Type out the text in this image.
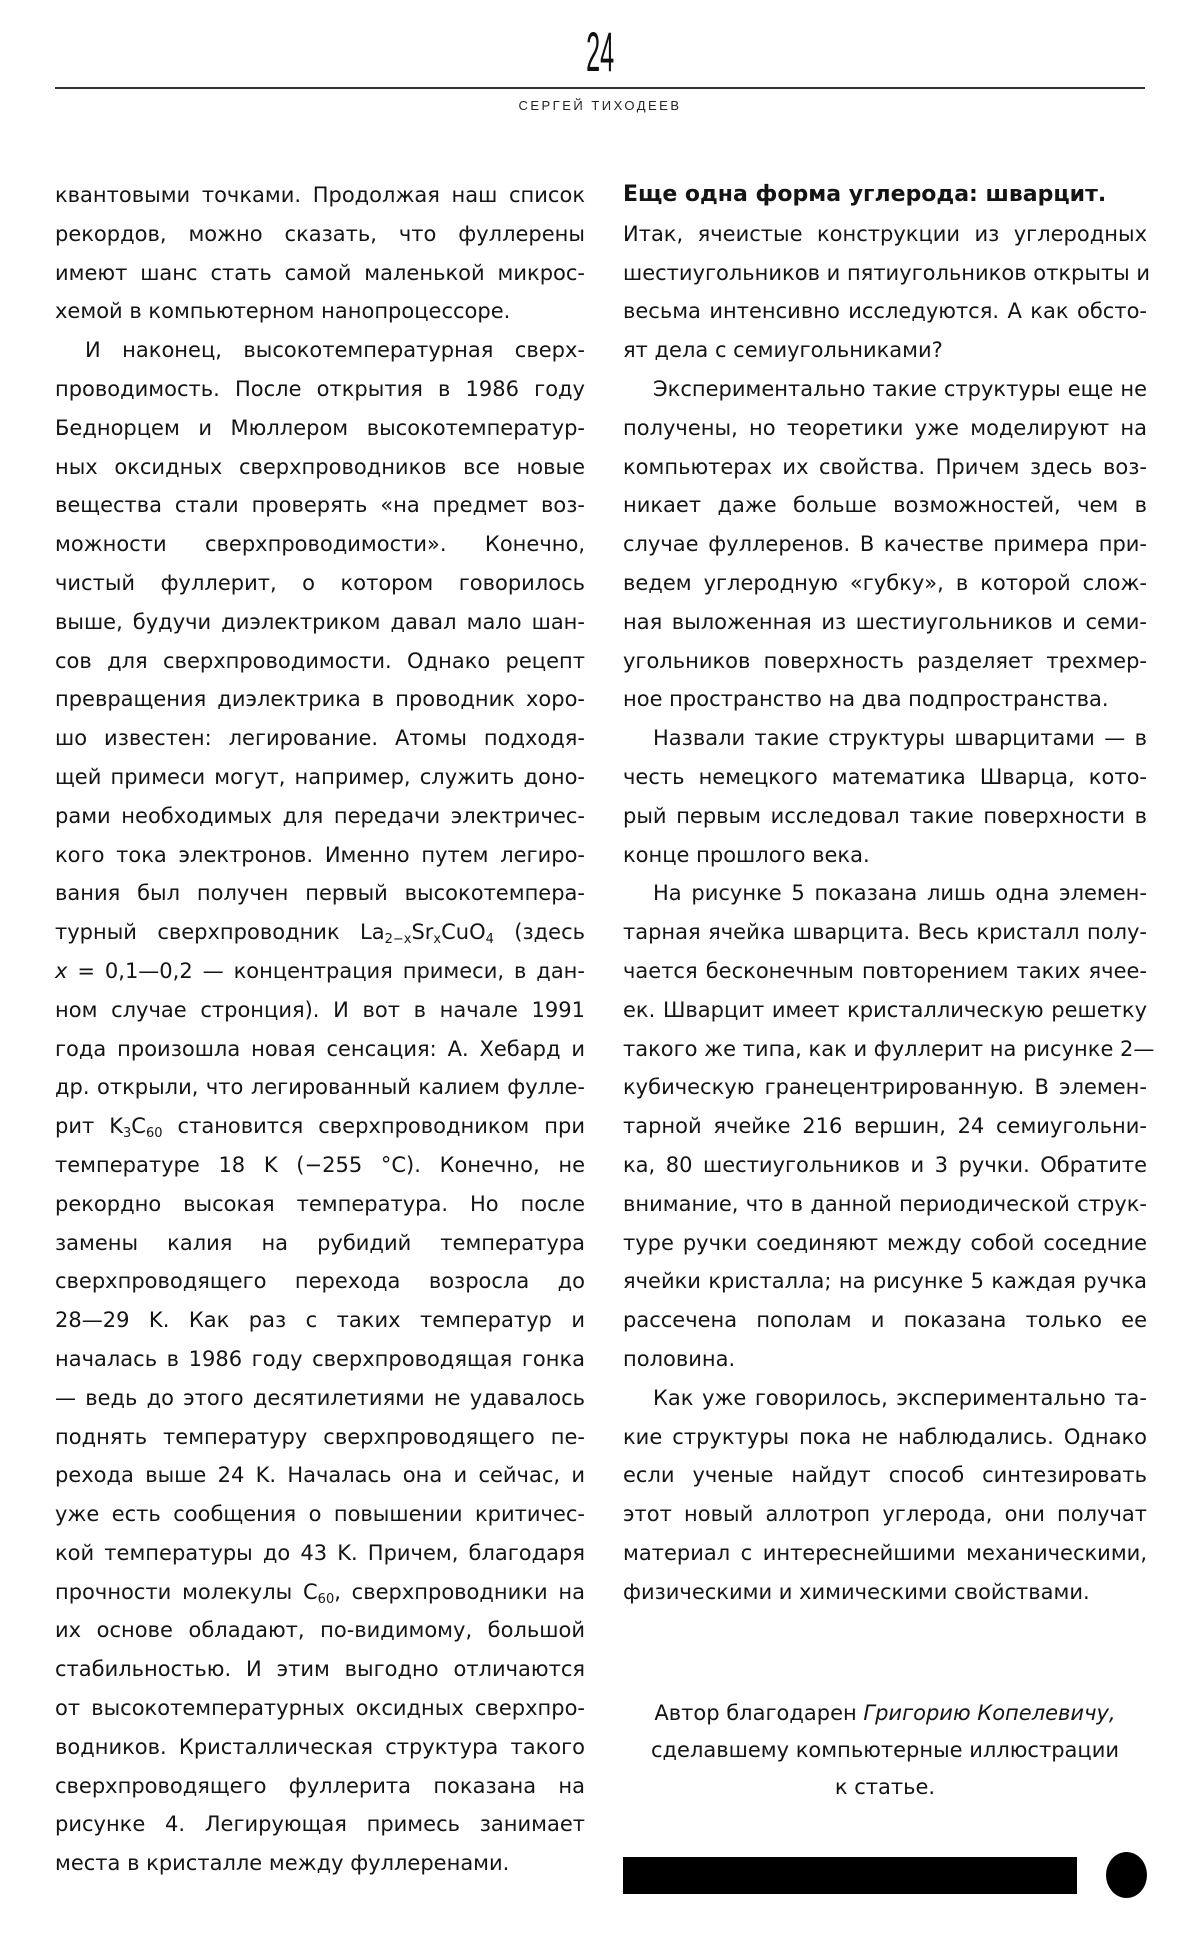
24
СЕРГЕЙ ТИХОДЕЕВ
квантовыми точками. Продолжая наш список
рекордов, можно сказать, что фуллерены
имеют шанс стать самой маленькой микрос-
хемой в компьютерном нанопроцессоре.
И наконец, высокотемпературная сверх-
проводимость. После открытия в 1986 году
Беднорцем и Мюллером высокотемператур-
ных оксидных сверхпроводников все новые
вещества стали проверять «на предмет воз-
можности сверхпроводимости». Конечно,
чистый фуллерит, о котором говорилось
выше, будучи диэлектриком давал мало шан-
сов для сверхпроводимости. Однако рецепт
превращения диэлектрика в проводник хоро-
шо известен: легирование. Атомы подходя-
щей примеси могут, например, служить доно-
рами необходимых для передачи электричес-
кого тока электронов. Именно путем легиро-
вания был получен первый высокотемпера-
турный сверхпроводник $La_{2-x}Sr_xCuO_4$ (здесь
x = 0,1—0,2 — концентрация примеси, в дан-
ном случае стронция). И вот в начале 1991
года произошла новая сенсация: А. Хебард и
др. открыли, что легированный калием фулле-
рит $K_3C_{60}$ становится сверхпроводником при
температуре 18 K (−255 °C). Конечно, не
рекордно высокая температура. Но после
замены калия на рубидий температура
сверхпроводящего перехода возросла до
28—29 K. Как раз с таких температур и
началась в 1986 году сверхпроводящая гонка
— ведь до этого десятилетиями не удавалось
поднять температуру сверхпроводящего пе-
рехода выше 24 K. Началась она и сейчас, и
уже есть сообщения о повышении критичес-
кой температуры до 43 K. Причем, благодаря
прочности молекулы $C_{60}$, сверхпроводники на
их основе обладают, по-видимому, большой
стабильностью. И этим выгодно отличаются
от высокотемпературных оксидных сверхпро-
водников. Кристаллическая структура такого
сверхпроводящего фуллерита показана на
рисунке 4. Легирующая примесь занимает
места в кристалле между фуллеренами.
Еще одна форма углерода: шварцит.
Итак, ячеистые конструкции из углеродных
шестиугольников и пятиугольников открыты и
весьма интенсивно исследуются. А как обсто-
ят дела с семиугольниками?
Экспериментально такие структуры еще не
получены, но теоретики уже моделируют на
компьютерах их свойства. Причем здесь воз-
никает даже больше возможностей, чем в
случае фуллеренов. В качестве примера при-
ведем углеродную «губку», в которой слож-
ная выложенная из шестиугольников и семи-
угольников поверхность разделяет трехмер-
ное пространство на два подпространства.
Назвали такие структуры шварцитами — в
честь немецкого математика Шварца, кото-
рый первым исследовал такие поверхности в
конце прошлого века.
На рисунке 5 показана лишь одна элемен-
тарная ячейка шварцита. Весь кристалл полу-
чается бесконечным повторением таких ячее-
ек. Шварцит имеет кристаллическую решетку
такого же типа, как и фуллерит на рисунке 2—
кубическую гранецентрированную. В элемен-
тарной ячейке 216 вершин, 24 семиугольни-
ка, 80 шестиугольников и 3 ручки. Обратите
внимание, что в данной периодической струк-
туре ручки соединяют между собой соседние
ячейки кристалла; на рисунке 5 каждая ручка
рассечена пополам и показана только ее
половина.
Как уже говорилось, экспериментально та-
кие структуры пока не наблюдались. Однако
если ученые найдут способ синтезировать
этот новый аллотроп углерода, они получат
материал с интереснейшими механическими,
физическими и химическими свойствами.
Автор благодарен Григорию Копелевичу,
сделавшему компьютерные иллюстрации
к статье.
